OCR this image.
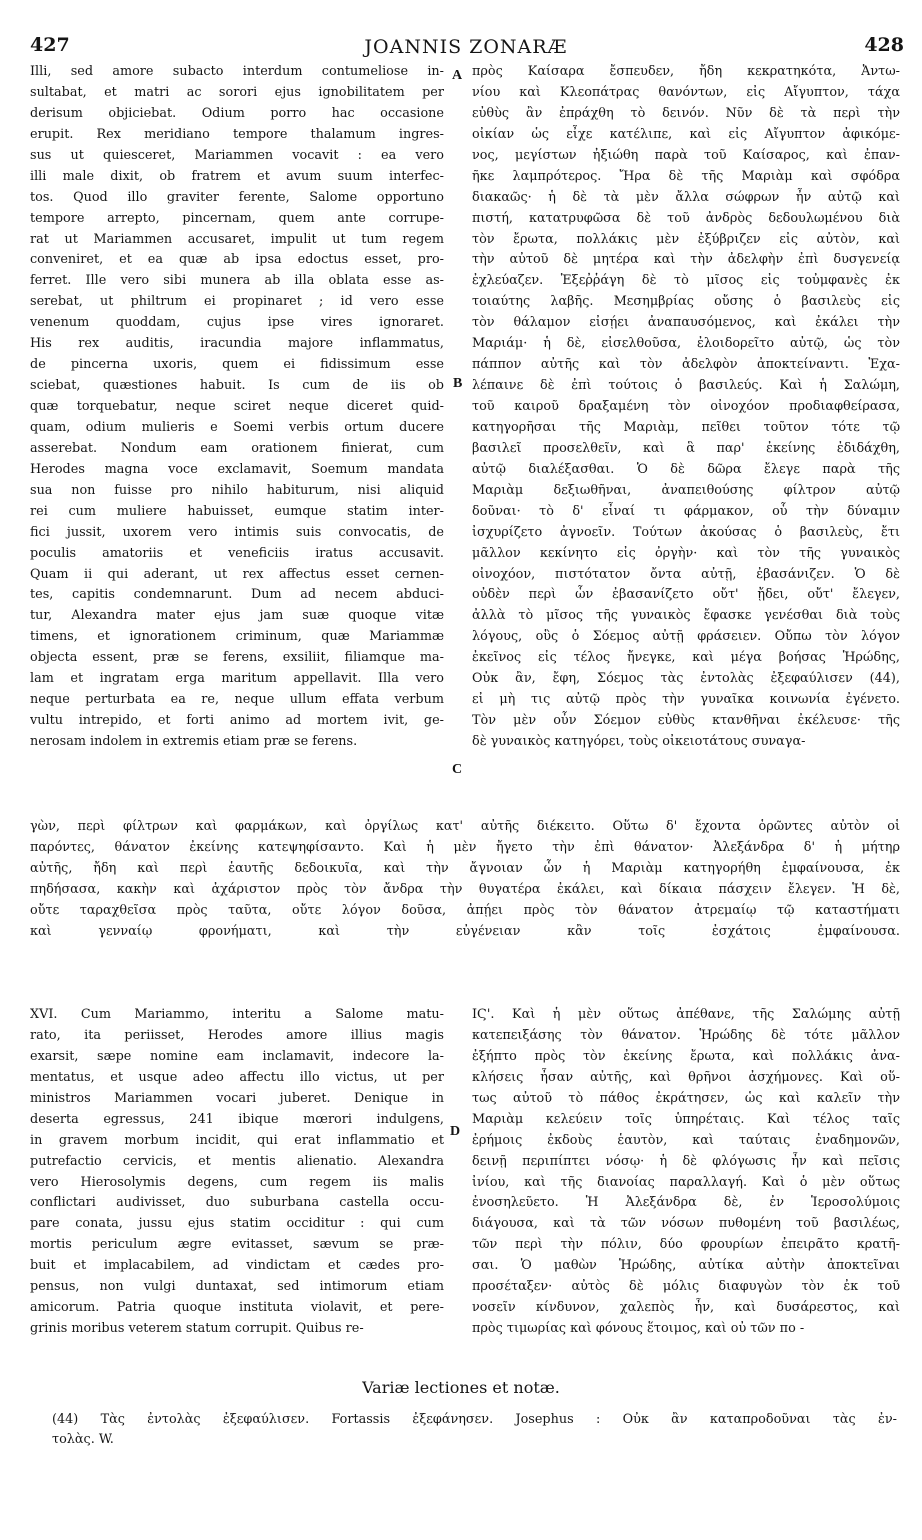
427	JOANNIS ZONARÆ	428
Illi, sed amore subacto interdum contumeliose in-
sultabat, et matri ac sorori ejus ignobilitatem per
derisum objiciebat. Odium porro hac occasione
erupit. Rex meridiano tempore thalamum ingres-
sus ut quiesceret, Mariammen vocavit : ea vero
illi male dixit, ob fratrem et avum suum interfec-
tos. Quod illo graviter ferente, Salome opportuno
tempore arrepto, pincernam, quem ante corrupe-
rat ut Mariammen accusaret, impulit ut tum regem
conveniret, et ea quæ ab ipsa edoctus esset, pro-
ferret. Ille vero sibi munera ab illa oblata esse as-
serebat, ut philtrum ei propinaret ; id vero esse
venenum quoddam, cujus ipse vires ignoraret.
His rex auditis, iracundia majore inflammatus,
de pincerna uxoris, quem ei fidissimum esse
sciebat, quæstiones habuit. Is cum de iis ob
quæ torquebatur, neque sciret neque diceret quid-
quam, odium mulieris e Soemi verbis ortum ducere
asserebat. Nondum eam orationem finierat, cum
Herodes magna voce exclamavit, Soemum mandata
sua non fuisse pro nihilo habiturum, nisi aliquid
rei cum muliere habuisset, eumque statim inter-
fici jussit, uxorem vero intimis suis convocatis, de
poculis amatoriis et veneficiis iratus accusavit.
Quam ii qui aderant, ut rex affectus esset cernen-
tes, capitis condemnarunt. Dum ad necem abduci-
tur, Alexandra mater ejus jam suæ quoque vitæ
timens, et ignorationem criminum, quæ Mariammæ
objecta essent, præ se ferens, exsiliit, filiamque ma-
lam et ingratam erga maritum appellavit. Illa vero
neque perturbata ea re, neque ullum effata verbum
vultu intrepido, et forti animo ad mortem ivit, ge-
nerosam indolem in extremis etiam præ se ferens.
πρὸς Καίσαρα ἔσπευδεν, ἤδη κεκρατηκότα, Ἀντω-
νίου καὶ Κλεοπάτρας θανόντων, εἰς Αἴγυπτον, τάχα
εὐθὺς ἂν ἐπράχθη τὸ δεινόν. Νῦν δὲ τὰ περὶ τὴν
οἰκίαν ὡς εἶχε κατέλιπε, καὶ εἰς Αἴγυπτον ἀφικόμε-
νος, μεγίστων ἠξιώθη παρὰ τοῦ Καίσαρος, καὶ ἐπαν-
ῆκε λαμπρότερος. Ἤρα δὲ τῆς Μαριὰμ καὶ σφόδρα
διακαῶς· ἡ δὲ τὰ μὲν ἄλλα σώφρων ἦν αὐτῷ καὶ
πιστή, κατατρυφῶσα δὲ τοῦ ἀνδρὸς δεδουλωμένου διὰ
τὸν ἔρωτα, πολλάκις μὲν ἐξύβριζεν εἰς αὐτὸν, καὶ
τὴν αὐτοῦ δὲ μητέρα καὶ τὴν ἀδελφὴν ἐπὶ δυσγενείᾳ
ἐχλεύαζεν. Ἐξεῤῥάγη δὲ τὸ μῖσος εἰς τοὐμφανὲς ἐκ
τοιαύτης λαβῆς. Μεσημβρίας οὔσης ὁ βασιλεὺς εἰς
τὸν θάλαμον εἰσῄει ἀναπαυσόμενος, καὶ ἐκάλει τὴν
Μαριάμ· ἡ δὲ, εἰσελθοῦσα, ἐλοιδορεῖτο αὐτῷ, ὡς τὸν
πάππον αὐτῆς καὶ τὸν ἀδελφὸν ἀποκτείναντι. Ἐχα-
λέπαινε δὲ ἐπὶ τούτοις ὁ βασιλεύς. Καὶ ἡ Σαλώμη,
τοῦ καιροῦ δραξαμένη τὸν οἰνοχόον προδιαφθείρασα,
κατηγορῆσαι τῆς Μαριὰμ, πεῖθει τοῦτον τότε τῷ
βασιλεῖ προσελθεῖν, καὶ ἃ παρ' ἐκείνης ἐδιδάχθη,
αὐτῷ διαλέξασθαι. Ὁ δὲ δῶρα ἔλεγε παρὰ τῆς
Μαριὰμ δεξιωθῆναι, ἀναπειθούσης φίλτρον αὐτῷ
δοῦναι· τὸ δ' εἶναί τι φάρμακον, οὗ τὴν δύναμιν
ἰσχυρίζετο ἀγνοεῖν. Τούτων ἀκούσας ὁ βασιλεὺς, ἔτι
μᾶλλον κεκίνητο εἰς ὀργὴν· καὶ τὸν τῆς γυναικὸς
οἰνοχόον, πιστότατον ὄντα αὐτῇ, ἐβασάνιζεν. Ὁ δὲ
οὐδὲν περὶ ὧν ἐβασανίζετο οὔτ' ᾔδει, οὔτ' ἔλεγεν,
ἀλλὰ τὸ μῖσος τῆς γυναικὸς ἔφασκε γενέσθαι διὰ τοὺς
λόγους, οὓς ὁ Σόεμος αὐτῇ φράσειεν. Οὔπω τὸν λόγον
ἐκεῖνος εἰς τέλος ἤνεγκε, καὶ μέγα βοήσας Ἡρώδης,
Οὐκ ἂν, ἔφη, Σόεμος τὰς ἐντολὰς ἐξεφαύλισεν (44),
εἰ μὴ τις αὐτῷ πρὸς τὴν γυναῖκα κοινωνία ἐγένετο.
Τὸν μὲν οὖν Σόεμον εὐθὺς κτανθῆναι ἐκέλευσε· τῆς
δὲ γυναικὸς κατηγόρει, τοὺς οἰκειοτάτους συναγα-
A
B
C
D
γὼν, περὶ φίλτρων καὶ φαρμάκων, καὶ ὀργίλως κατ' αὐτῆς διέκειτο. Οὕτω δ' ἔχοντα ὁρῶντες αὐτὸν οἱ
παρόντες, θάνατον ἐκείνης κατεψηφίσαντο. Καὶ ἡ μὲν ἤγετο τὴν ἐπὶ θάνατον· Ἀλεξάνδρα δ' ἡ μήτηρ
αὐτῆς, ἤδη καὶ περὶ ἑαυτῆς δεδοικυῖα, καὶ τὴν ἄγνοιαν ὧν ἡ Μαριὰμ κατηγορήθη ἐμφαίνουσα, ἐκ
πηδήσασα, κακὴν καὶ ἀχάριστον πρὸς τὸν ἄνδρα τὴν θυγατέρα ἐκάλει, καὶ δίκαια πάσχειν ἔλεγεν. Ἡ δὲ,
οὔτε ταραχθεῖσα πρὸς ταῦτα, οὔτε λόγον δοῦσα, ἀπῄει πρὸς τὸν θάνατον ἀτρεμαίῳ τῷ καταστήματι
καὶ γενναίῳ φρονήματι, καὶ τὴν εὐγένειαν κἂν τοῖς ἐσχάτοις ἐμφαίνουσα.
XVI. Cum Mariammo, interitu a Salome matu-
rato, ita periisset, Herodes amore illius magis
exarsit, sæpe nomine eam inclamavit, indecore la-
mentatus, et usque adeo affectu illo victus, ut per
ministros Mariammen vocari juberet. Denique in
deserta egressus, 241 ibique mœrori indulgens,
in gravem morbum incidit, qui erat inflammatio et
putrefactio cervicis, et mentis alienatio. Alexandra
vero Hierosolymis degens, cum regem iis malis
conflictari audivisset, duo suburbana castella occu-
pare conata, jussu ejus statim occiditur : qui cum
mortis periculum ægre evitasset, sævum se præ-
buit et implacabilem, ad vindictam et cædes pro-
pensus, non vulgi duntaxat, sed intimorum etiam
amicorum. Patria quoque instituta violavit, et pere-
grinis moribus veterem statum corrupit. Quibus re-
ΙϚ'. Καὶ ἡ μὲν οὕτως ἀπέθανε, τῆς Σαλώμης αὐτῇ
κατεπειξάσης τὸν θάνατον. Ἡρώδης δὲ τότε μᾶλλον
ἐξήπτο πρὸς τὸν ἐκείνης ἔρωτα, καὶ πολλάκις ἀνα-
κλήσεις ἦσαν αὐτῆς, καὶ θρῆνοι ἀσχήμονες. Καὶ οὕ-
τως αὐτοῦ τὸ πάθος ἐκράτησεν, ὡς καὶ καλεῖν τὴν
Μαριὰμ κελεύειν τοῖς ὑπηρέταις. Καὶ τέλος ταῖς
ἐρήμοις ἐκδοὺς ἑαυτὸν, καὶ ταύταις ἐναδημονῶν,
δεινῇ περιπίπτει νόσῳ· ἡ δὲ φλόγωσις ἦν καὶ πεῖσις
ἰνίου, καὶ τῆς διανοίας παραλλαγή. Καὶ ὁ μὲν οὕτως
ἐνοσηλεῦετο. Ἡ Ἀλεξάνδρα δὲ, ἐν Ἱεροσολύμοις
διάγουσα, καὶ τὰ τῶν νόσων πυθομένη τοῦ βασιλέως,
τῶν περὶ τὴν πόλιν, δύο φρουρίων ἐπειρᾶτο κρατῆ-
σαι. Ὁ μαθὼν Ἡρώδης, αὐτίκα αὐτὴν ἀποκτεῖναι
προσέταξεν· αὐτὸς δὲ μόλις διαφυγὼν τὸν ἐκ τοῦ
νοσεῖν κίνδυνον, χαλεπὸς ἦν, καὶ δυσάρεστος, καὶ
πρὸς τιμωρίας καὶ φόνους ἕτοιμος, καὶ οὐ τῶν πο -
Variæ lectiones et notæ.
(44) Τὰς ἐντολὰς ἐξεφαύλισεν. Fortassis ἐξεφάνησεν. Josephus : Οὐκ ἂν καταπροδοῦναι τὰς ἐν-
τολὰς. W.
